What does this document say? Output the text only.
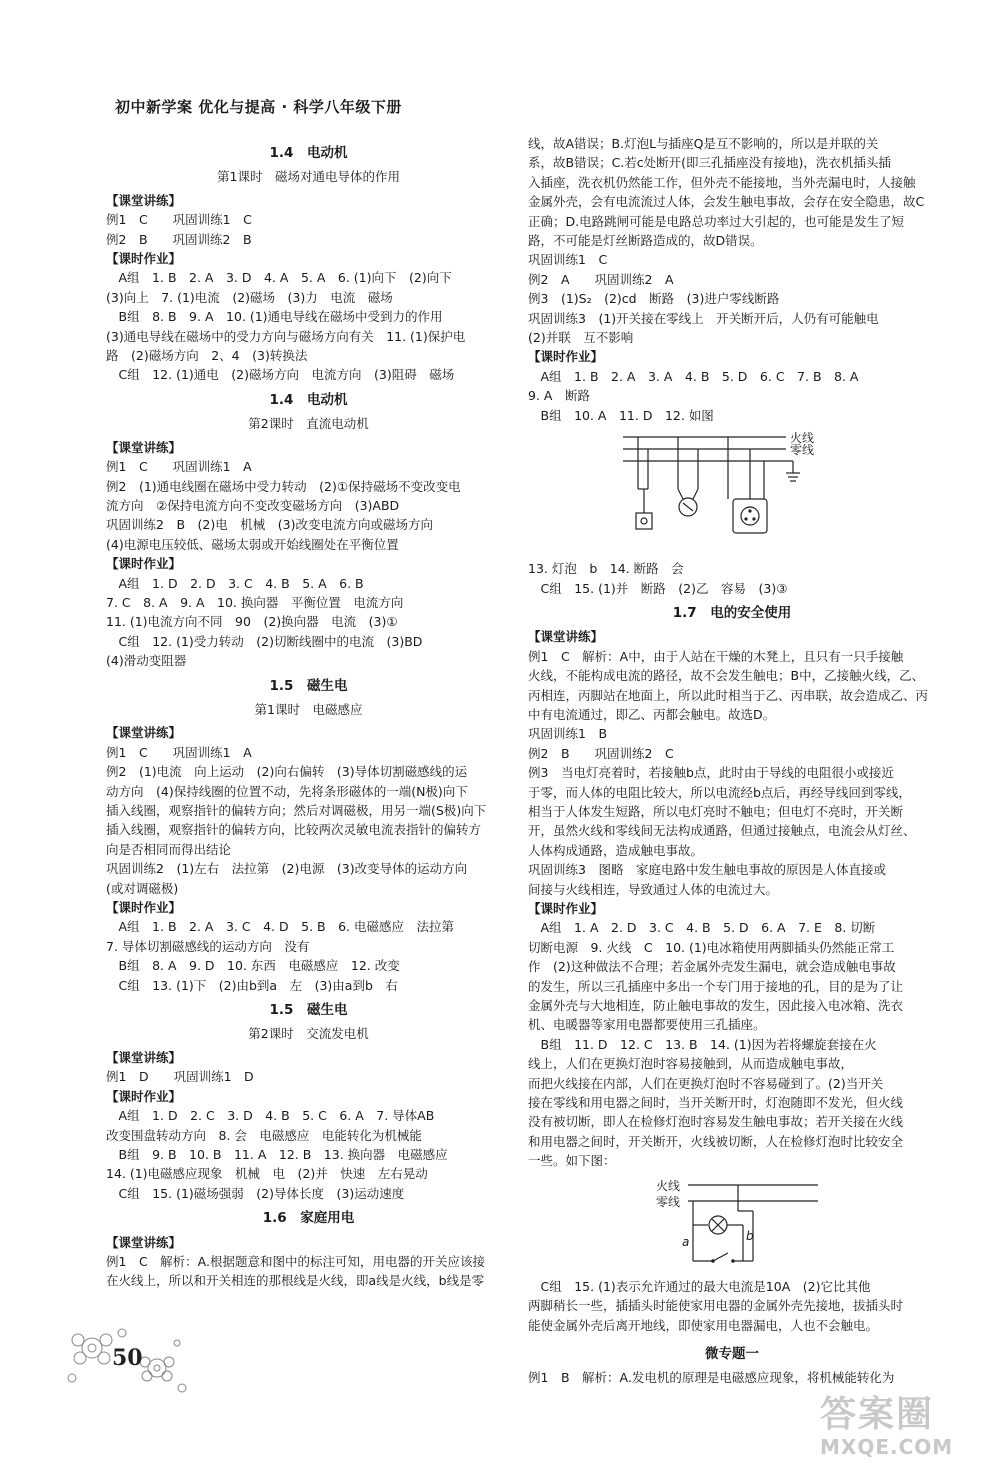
初中新学案 优化与提高 · 科学八年级下册
1.4　电动机
第1课时　磁场对通电导体的作用
【课堂讲练】
例1　C　　巩固训练1　C
例2　B　　巩固训练2　B
【课时作业】
　A组　1. B　2. A　3. D　4. A　5. A　6. (1)向下　(2)向下
(3)向上　7. (1)电流　(2)磁场　(3)力　电流　磁场
　B组　8. B　9. A　10. (1)通电导线在磁场中受到力的作用
(3)通电导线在磁场中的受力方向与磁场方向有关　11. (1)保护电
路　(2)磁场方向　2、4　(3)转换法
　C组　12. (1)通电　(2)磁场方向　电流方向　(3)阻碍　磁场
1.4　电动机
第2课时　直流电动机
【课堂讲练】
例1　C　　巩固训练1　A
例2　(1)通电线圈在磁场中受力转动　(2)①保持磁场不变改变电
流方向　②保持电流方向不变改变磁场方向　(3)ABD
巩固训练2　B　(2)电　机械　(3)改变电流方向或磁场方向
(4)电源电压较低、磁场太弱或开始线圈处在平衡位置
【课时作业】
　A组　1. D　2. D　3. C　4. B　5. A　6. B
7. C　8. A　9. A　10. 换向器　平衡位置　电流方向
11. (1)电流方向不同　90　(2)换向器　电流　(3)①
　C组　12. (1)受力转动　(2)切断线圈中的电流　(3)BD
(4)滑动变阻器
1.5　磁生电
第1课时　电磁感应
【课堂讲练】
例1　C　　巩固训练1　A
例2　(1)电流　向上运动　(2)向右偏转　(3)导体切割磁感线的运
动方向　(4)保持线圈的位置不动，先将条形磁体的一端(N极)向下
插入线圈，观察指针的偏转方向；然后对调磁极，用另一端(S极)向下
插入线圈，观察指针的偏转方向，比较两次灵敏电流表指针的偏转方
向是否相同而得出结论
巩固训练2　(1)左右　法拉第　(2)电源　(3)改变导体的运动方向
(或对调磁极)
【课时作业】
　A组　1. B　2. A　3. C　4. D　5. B　6. 电磁感应　法拉第
7. 导体切割磁感线的运动方向　没有
　B组　8. A　9. D　10. 东西　电磁感应　12. 改变
　C组　13. (1)下　(2)由b到a　左　(3)由a到b　右
1.5　磁生电
第2课时　交流发电机
【课堂讲练】
例1　D　　巩固训练1　D
【课时作业】
　A组　1. D　2. C　3. D　4. B　5. C　6. A　7. 导体AB
改变围盘转动方向　8. 会　电磁感应　电能转化为机械能
　B组　9. B　10. B　11. A　12. B　13. 换向器　电磁感应
14. (1)电磁感应现象　机械　电　(2)并　快速　左右晃动
　C组　15. (1)磁场强弱　(2)导体长度　(3)运动速度
1.6　家庭用电
【课堂讲练】
例1　C　解析：A.根据题意和图中的标注可知，用电器的开关应该接
在火线上，所以和开关相连的那根线是火线，即a线是火线，b线是零
线，故A错误；B.灯泡L与插座Q是互不影响的，所以是并联的关
系，故B错误；C.若c处断开(即三孔插座没有接地)，洗衣机插头插
入插座，洗衣机仍然能工作，但外壳不能接地，当外壳漏电时，人接触
金属外壳，会有电流流过人体，会发生触电事故，会存在安全隐患，故C
正确；D.电路跳闸可能是电路总功率过大引起的，也可能是发生了短
路，不可能是灯丝断路造成的，故D错误。
巩固训练1　C
例2　A　　巩固训练2　A
例3　(1)S₂　(2)cd　断路　(3)进户零线断路
巩固训练3　(1)开关接在零线上　开关断开后，人仍有可能触电
(2)并联　互不影响
【课时作业】
　A组　1. B　2. A　3. A　4. B　5. D　6. C　7. B　8. A
9. A　断路
　B组　10. A　11. D　12. 如图
火线
零线
13. 灯泡　b　14. 断路　会
　C组　15. (1)并　断路　(2)乙　容易　(3)③
1.7　电的安全使用
【课堂讲练】
例1　C　解析：A中，由于人站在干燥的木凳上，且只有一只手接触
火线，不能构成电流的路径，故不会发生触电；B中，乙接触火线，乙、
丙相连，丙脚站在地面上，所以此时相当于乙、丙串联，故会造成乙、丙
中有电流通过，即乙、丙都会触电。故选D。
巩固训练1　B
例2　B　　巩固训练2　C
例3　当电灯亮着时，若接触b点，此时由于导线的电阻很小或接近
于零，而人体的电阻比较大，所以电流经b点后，再经导线回到零线，
相当于人体发生短路，所以电灯亮时不触电；但电灯不亮时，开关断
开，虽然火线和零线间无法构成通路，但通过接触点，电流会从灯丝、
人体构成通路，造成触电事故。
巩固训练3　图略　家庭电路中发生触电事故的原因是人体直接或
间接与火线相连，导致通过人体的电流过大。
【课时作业】
　A组　1. A　2. D　3. C　4. B　5. D　6. A　7. E　8. 切断
切断电源　9. 火线　C　10. (1)电冰箱使用两脚插头仍然能正常工
作　(2)这种做法不合理；若金属外壳发生漏电，就会造成触电事故
的发生，所以三孔插座中多出一个专门用于接地的孔，目的是为了让
金属外壳与大地相连，防止触电事故的发生，因此接入电冰箱、洗衣
机、电暖器等家用电器都要使用三孔插座。
　B组　11. D　12. C　13. B　14. (1)因为若将螺旋套接在火
线上，人们在更换灯泡时容易接触到，从而造成触电事故，
而把火线接在内部，人们在更换灯泡时不容易碰到了。(2)当开关
接在零线和用电器之间时，当开关断开时，灯泡随即不发光，但火线
没有被切断，即人在检修灯泡时容易发生触电事故；若开关接在火线
和用电器之间时，开关断开，火线被切断，人在检修灯泡时比较安全
一些。如下图：
火线
零线
a	b
　C组　15. (1)表示允许通过的最大电流是10A　(2)它比其他
两脚稍长一些，插插头时能使家用电器的金属外壳先接地，拔插头时
能使金属外壳后离开地线，即使家用电器漏电，人也不会触电。
微专题一
例1　B　解析：A.发电机的原理是电磁感应现象，将机械能转化为
50
答案圈
MXQE.COM
